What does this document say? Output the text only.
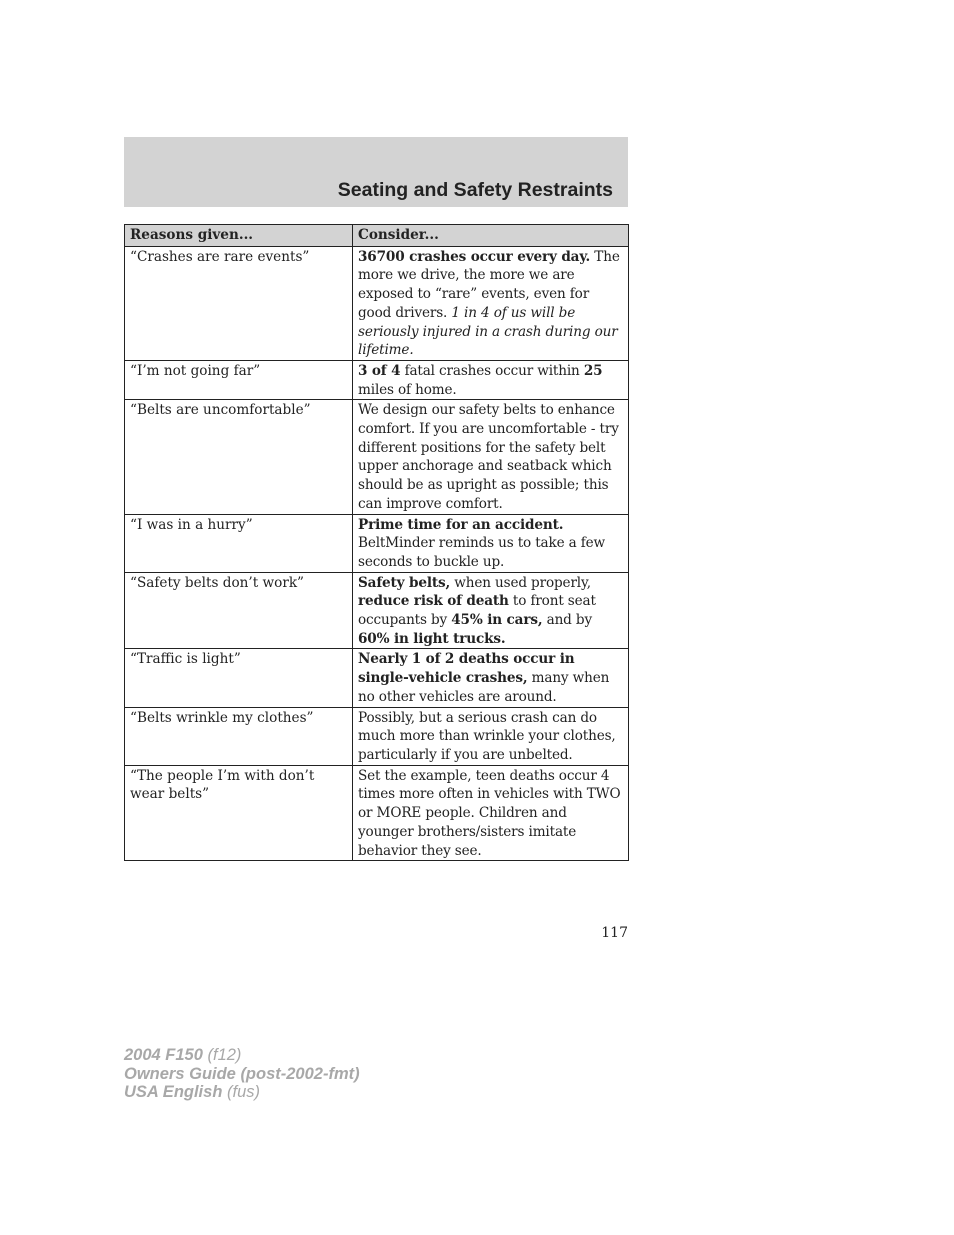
Seating and Safety Restraints
Reasons given...	Consider...
“Crashes are rare events”	36700 crashes occur every day. The more we drive, the more we are exposed to “rare” events, even for good drivers. 1 in 4 of us will be seriously injured in a crash during our lifetime.
“I’m not going far”	3 of 4 fatal crashes occur within 25 miles of home.
“Belts are uncomfortable”	We design our safety belts to enhance comfort. If you are uncomfortable - try different positions for the safety belt upper anchorage and seatback which should be as upright as possible; this can improve comfort.
“I was in a hurry”	Prime time for an accident. BeltMinder reminds us to take a few seconds to buckle up.
“Safety belts don’t work”	Safety belts, when used properly, reduce risk of death to front seat occupants by 45% in cars, and by 60% in light trucks.
“Traffic is light”	Nearly 1 of 2 deaths occur in single-vehicle crashes, many when no other vehicles are around.
“Belts wrinkle my clothes”	Possibly, but a serious crash can do much more than wrinkle your clothes, particularly if you are unbelted.
“The people I’m with don’t wear belts”	Set the example, teen deaths occur 4 times more often in vehicles with TWO or MORE people. Children and younger brothers/sisters imitate behavior they see.

117

2004 F150 (f12)
Owners Guide (post-2002-fmt)
USA English (fus)
